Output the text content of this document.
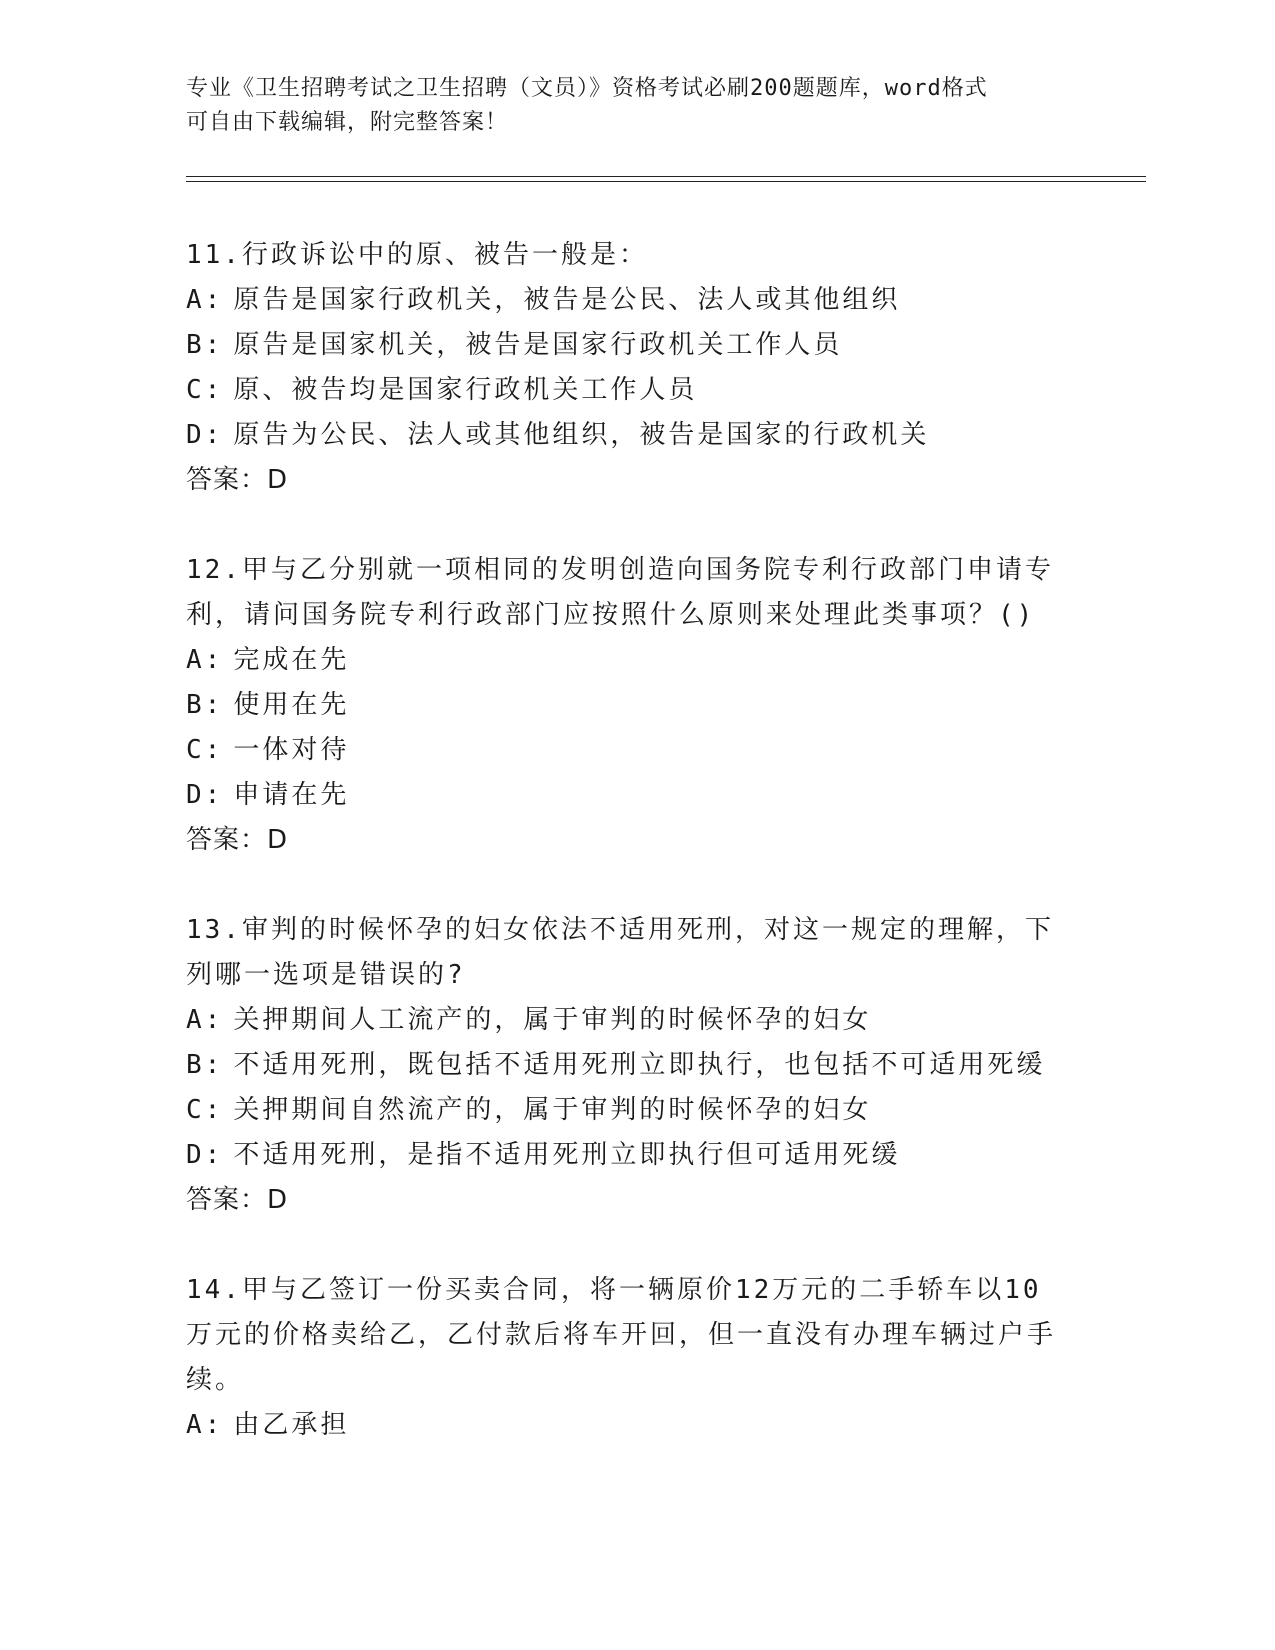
专业《卫生招聘考试之卫生招聘（文员）》资格考试必刷200题题库，word格式
可自由下载编辑，附完整答案！
11.行政诉讼中的原、被告一般是：
A: 原告是国家行政机关，被告是公民、法人或其他组织
B: 原告是国家机关，被告是国家行政机关工作人员
C: 原、被告均是国家行政机关工作人员
D: 原告为公民、法人或其他组织，被告是国家的行政机关
答案：D
12.甲与乙分别就一项相同的发明创造向国务院专利行政部门申请专利，请问国务院专利行政部门应按照什么原则来处理此类事项？()
A: 完成在先
B: 使用在先
C: 一体对待
D: 申请在先
答案：D
13.审判的时候怀孕的妇女依法不适用死刑，对这一规定的理解，下列哪一选项是错误的?
A: 关押期间人工流产的，属于审判的时候怀孕的妇女
B: 不适用死刑，既包括不适用死刑立即执行，也包括不可适用死缓
C: 关押期间自然流产的，属于审判的时候怀孕的妇女
D: 不适用死刑，是指不适用死刑立即执行但可适用死缓
答案：D
14.甲与乙签订一份买卖合同，将一辆原价12万元的二手轿车以10万元的价格卖给乙，乙付款后将车开回，但一直没有办理车辆过户手续。
A: 由乙承担
